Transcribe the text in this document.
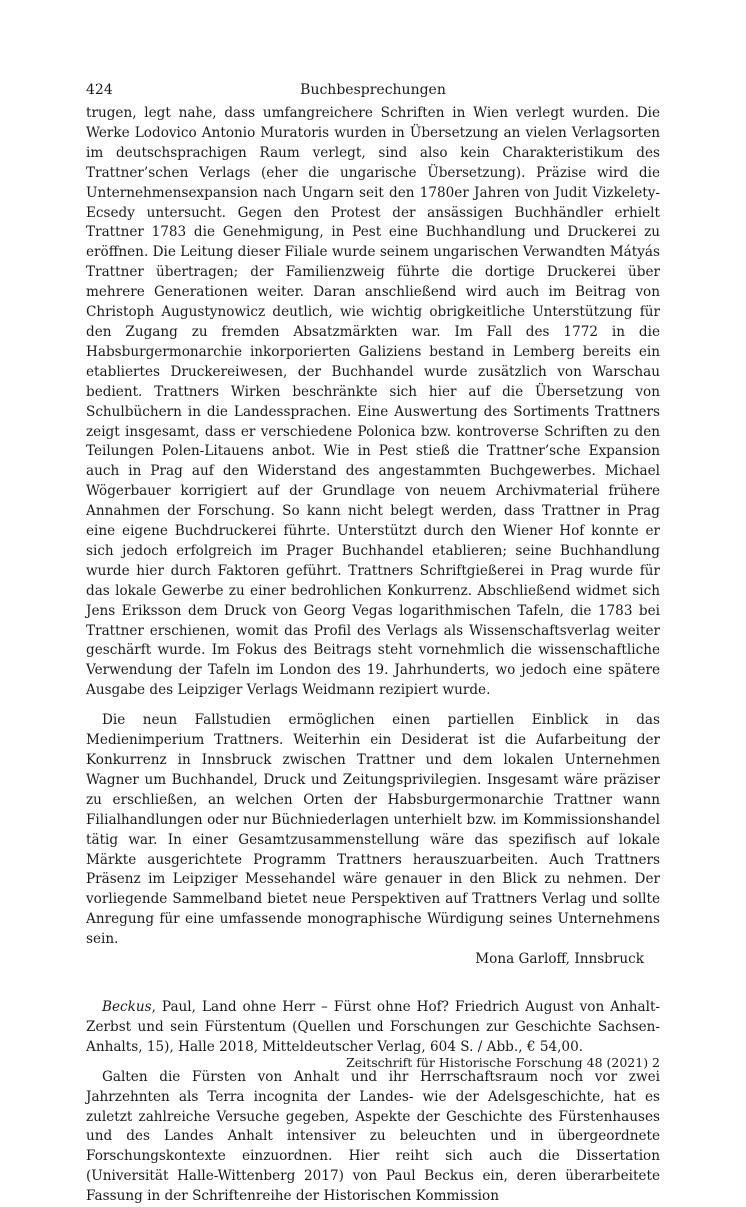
424	Buchbesprechungen

trugen, legt nahe, dass umfangreichere Schriften in Wien verlegt wurden. Die Werke Lodovico Antonio Muratoris wurden in Übersetzung an vielen Verlagsorten im deutschsprachigen Raum verlegt, sind also kein Charakteristikum des Trattner’schen Verlags (eher die ungarische Übersetzung). Präzise wird die Unternehmensexpansion nach Ungarn seit den 1780er Jahren von Judit Vizkelety-Ecsedy untersucht. Gegen den Protest der ansässigen Buchhändler erhielt Trattner 1783 die Genehmigung, in Pest eine Buchhandlung und Druckerei zu eröffnen. Die Leitung dieser Filiale wurde seinem ungarischen Verwandten Mátyás Trattner übertragen; der Familienzweig führte die dortige Druckerei über mehrere Generationen weiter. Daran anschließend wird auch im Beitrag von Christoph Augustynowicz deutlich, wie wichtig obrigkeitliche Unterstützung für den Zugang zu fremden Absatzmärkten war. Im Fall des 1772 in die Habsburgermonarchie inkorporierten Galiziens bestand in Lemberg bereits ein etabliertes Druckereiwesen, der Buchhandel wurde zusätzlich von Warschau bedient. Trattners Wirken beschränkte sich hier auf die Übersetzung von Schulbüchern in die Landessprachen. Eine Auswertung des Sortiments Trattners zeigt insgesamt, dass er verschiedene Polonica bzw. kontroverse Schriften zu den Teilungen Polen-Litauens anbot. Wie in Pest stieß die Trattner’sche Expansion auch in Prag auf den Widerstand des angestammten Buchgewerbes. Michael Wögerbauer korrigiert auf der Grundlage von neuem Archivmaterial frühere Annahmen der Forschung. So kann nicht belegt werden, dass Trattner in Prag eine eigene Buchdruckerei führte. Unterstützt durch den Wiener Hof konnte er sich jedoch erfolgreich im Prager Buchhandel etablieren; seine Buchhandlung wurde hier durch Faktoren geführt. Trattners Schriftgießerei in Prag wurde für das lokale Gewerbe zu einer bedrohlichen Konkurrenz. Abschließend widmet sich Jens Eriksson dem Druck von Georg Vegas logarithmischen Tafeln, die 1783 bei Trattner erschienen, womit das Profil des Verlags als Wissenschaftsverlag weiter geschärft wurde. Im Fokus des Beitrags steht vornehmlich die wissenschaftliche Verwendung der Tafeln im London des 19. Jahrhunderts, wo jedoch eine spätere Ausgabe des Leipziger Verlags Weidmann rezipiert wurde.

Die neun Fallstudien ermöglichen einen partiellen Einblick in das Medienimperium Trattners. Weiterhin ein Desiderat ist die Aufarbeitung der Konkurrenz in Innsbruck zwischen Trattner und dem lokalen Unternehmen Wagner um Buchhandel, Druck und Zeitungsprivilegien. Insgesamt wäre präziser zu erschließen, an welchen Orten der Habsburgermonarchie Trattner wann Filialhandlungen oder nur Büchniederlagen unterhielt bzw. im Kommissionshandel tätig war. In einer Gesamtzusammenstellung wäre das spezifisch auf lokale Märkte ausgerichtete Programm Trattners herauszuarbeiten. Auch Trattners Präsenz im Leipziger Messehandel wäre genauer in den Blick zu nehmen. Der vorliegende Sammelband bietet neue Perspektiven auf Trattners Verlag und sollte Anregung für eine umfassende monographische Würdigung seines Unternehmens sein.

Mona Garloff, Innsbruck

Beckus, Paul, Land ohne Herr – Fürst ohne Hof? Friedrich August von Anhalt-Zerbst und sein Fürstentum (Quellen und Forschungen zur Geschichte Sachsen-Anhalts, 15), Halle 2018, Mitteldeutscher Verlag, 604 S. / Abb., € 54,00.

Galten die Fürsten von Anhalt und ihr Herrschaftsraum noch vor zwei Jahrzehnten als Terra incognita der Landes- wie der Adelsgeschichte, hat es zuletzt zahlreiche Versuche gegeben, Aspekte der Geschichte des Fürstenhauses und des Landes Anhalt intensiver zu beleuchten und in übergeordnete Forschungskontexte einzuordnen. Hier reiht sich auch die Dissertation (Universität Halle-Wittenberg 2017) von Paul Beckus ein, deren überarbeitete Fassung in der Schriftenreihe der Historischen Kommission

Zeitschrift für Historische Forschung 48 (2021) 2
